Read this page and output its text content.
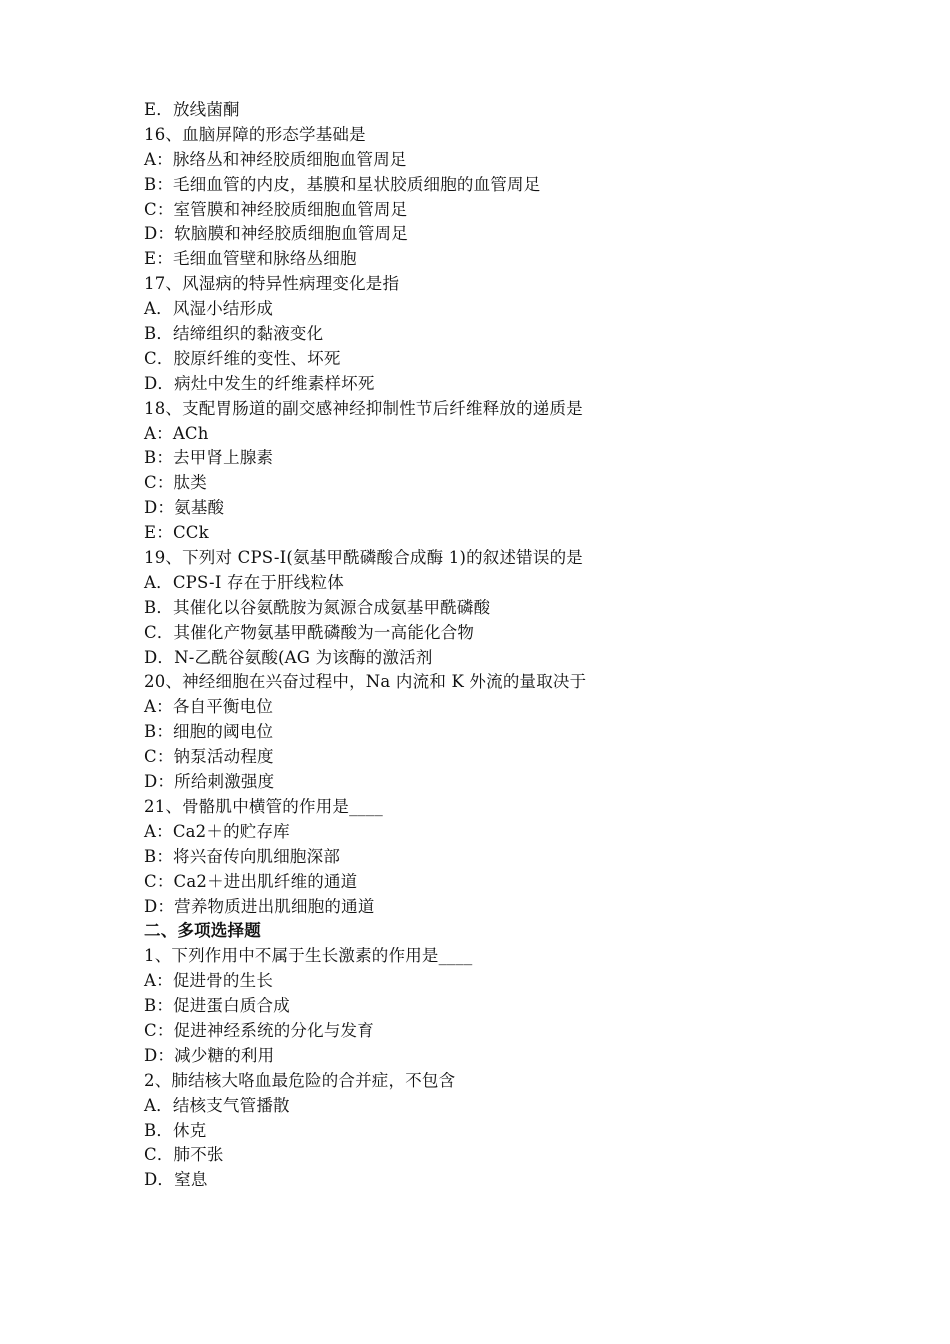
E．放线菌酮
16、血脑屏障的形态学基础是
A：脉络丛和神经胶质细胞血管周足
B：毛细血管的内皮，基膜和星状胶质细胞的血管周足
C：室管膜和神经胶质细胞血管周足
D：软脑膜和神经胶质细胞血管周足
E：毛细血管壁和脉络丛细胞
17、风湿病的特异性病理变化是指
A．风湿小结形成
B．结缔组织的黏液变化
C．胶原纤维的变性、坏死
D．病灶中发生的纤维素样坏死
18、支配胃肠道的副交感神经抑制性节后纤维释放的递质是
A：ACh
B：去甲肾上腺素
C：肽类
D：氨基酸
E：CCk
19、下列对 CPS-I(氨基甲酰磷酸合成酶 1)的叙述错误的是
A．CPS-I 存在于肝线粒体
B．其催化以谷氨酰胺为氮源合成氨基甲酰磷酸
C．其催化产物氨基甲酰磷酸为一高能化合物
D．N-乙酰谷氨酸(AG 为该酶的激活剂
20、神经细胞在兴奋过程中，Na 内流和 K 外流的量取决于
A：各自平衡电位
B：细胞的阈电位
C：钠泵活动程度
D：所给刺激强度
21、骨骼肌中横管的作用是____
A：Ca2＋的贮存库
B：将兴奋传向肌细胞深部
C：Ca2＋进出肌纤维的通道
D：营养物质进出肌细胞的通道
二、多项选择题
1、下列作用中不属于生长激素的作用是____
A：促进骨的生长
B：促进蛋白质合成
C：促进神经系统的分化与发育
D：减少糖的利用
2、肺结核大咯血最危险的合并症，不包含
A．结核支气管播散
B．休克
C．肺不张
D．窒息
